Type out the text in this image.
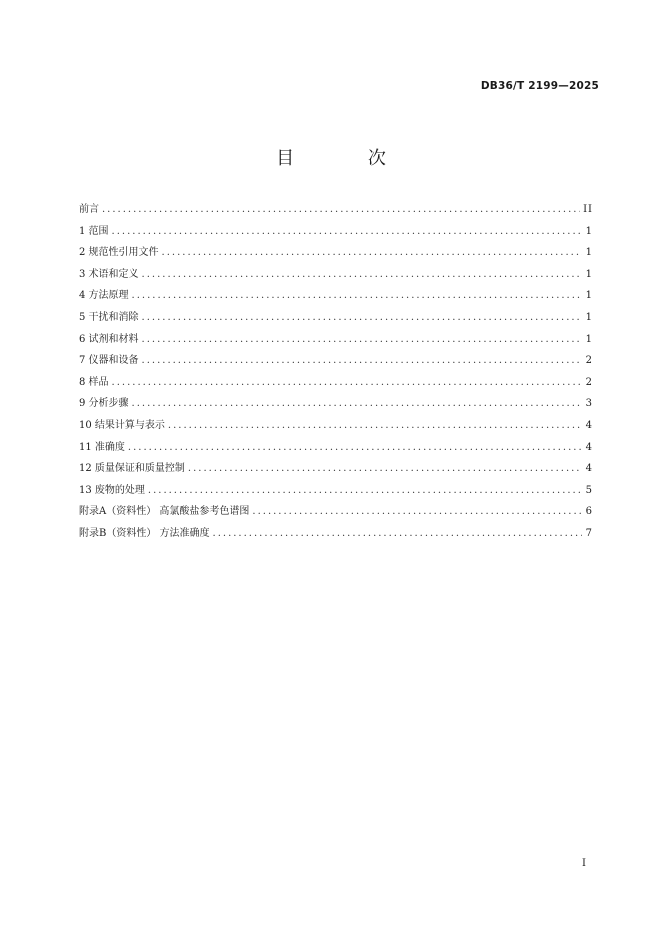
DB36/T 2199—2025
目 次
前言 .....	II
1 范围 .....	1
2 规范性引用文件 .....	1
3 术语和定义 .....	1
4 方法原理 .....	1
5 干扰和消除 .....	1
6 试剂和材料 .....	1
7 仪器和设备 .....	2
8 样品 .....	2
9 分析步骤 .....	3
10 结果计算与表示 .....	4
11 准确度 .....	4
12 质量保证和质量控制 .....	4
13 废物的处理 .....	5
附录A（资料性） 高氯酸盐参考色谱图 .....	6
附录B（资料性） 方法准确度 .....	7
I
